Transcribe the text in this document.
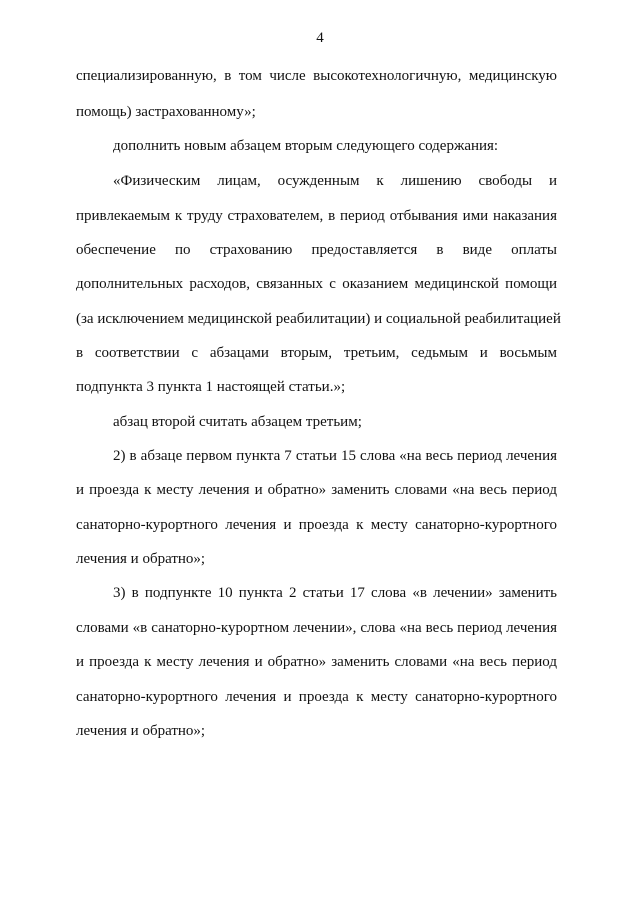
4
специализированную, в том числе высокотехнологичную, медицинскую
помощь) застрахованному»;
дополнить новым абзацем вторым следующего содержания:
«Физическим лицам, осужденным к лишению свободы и
привлекаемым к труду страхователем, в период отбывания ими наказания
обеспечение по страхованию предоставляется в виде оплаты
дополнительных расходов, связанных с оказанием медицинской помощи
(за исключением медицинской реабилитации) и социальной реабилитацией
в соответствии с абзацами вторым, третьим, седьмым и восьмым
подпункта 3 пункта 1 настоящей статьи.»;
абзац второй считать абзацем третьим;
2) в абзаце первом пункта 7 статьи 15 слова «на весь период лечения
и проезда к месту лечения и обратно» заменить словами «на весь период
санаторно-курортного лечения и проезда к месту санаторно-курортного
лечения и обратно»;
3) в подпункте 10 пункта 2 статьи 17 слова «в лечении» заменить
словами «в санаторно-курортном лечении», слова «на весь период лечения
и проезда к месту лечения и обратно» заменить словами «на весь период
санаторно-курортного лечения и проезда к месту санаторно-курортного
лечения и обратно»;
